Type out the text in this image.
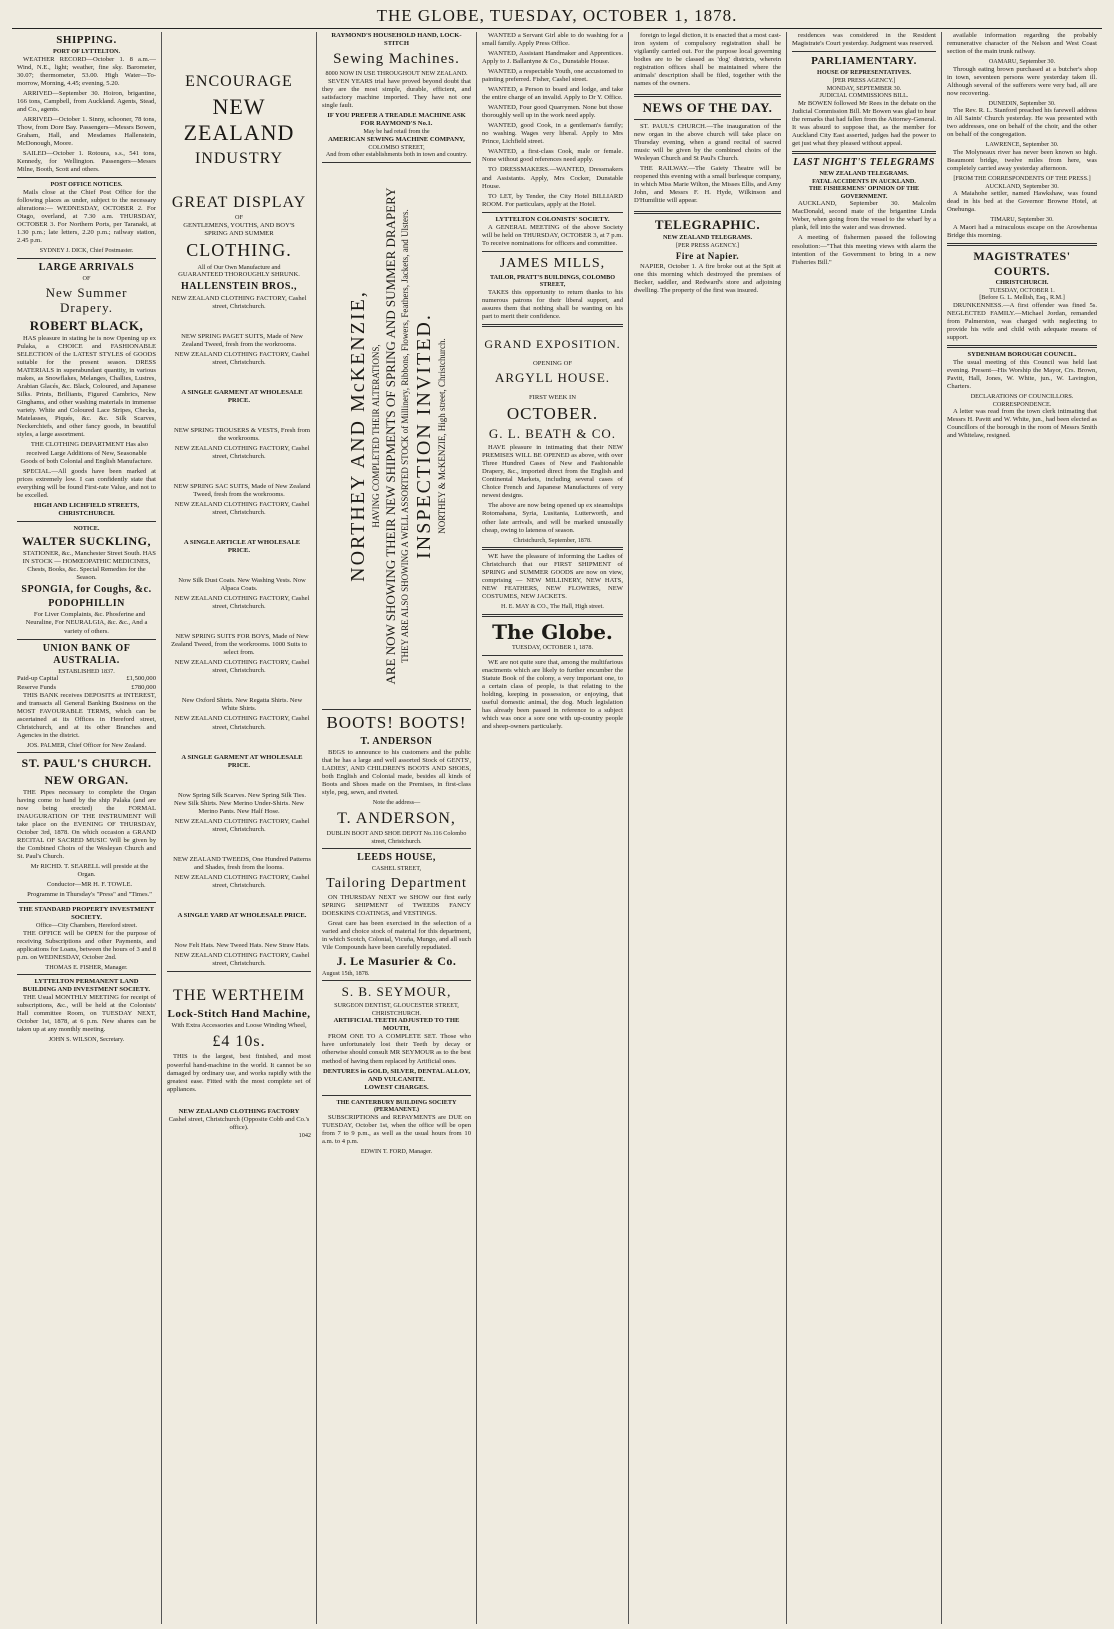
THE GLOBE, TUESDAY, OCTOBER 1, 1878.
SHIPPING.
PORT OF LYTTELTON.

WEATHER RECORD—October 1. 8 a.m.—Wind, N.E., light; weather, fine sky. Barometer, 30.07; thermometer, 53.00. High Water—To-morrow, Morning, 4.45; evening, 5.20.

ARRIVED—September 30. Hoiron, brigantine, 166 tons, Campbell, from Auckland. Agents, Stead, and Co., agents.

ARRIVED—October 1. Sinny, schooner, 78 tons, Thow, from Dore Bay. Passengers—Messrs Bowen, Graham, Hall, and Mesdames Hallenstein, McDonough, Moore.

SAILED—October 1. Rotoura, s.s., 541 tons, Kennedy, for Wellington. Passengers—Messrs Milne, Booth, Scott and others.

POST OFFICE NOTICES.

Mails close at the Chief Post Office for the following places as under, subject to the necessary alterations:— WEDNESDAY, OCTOBER 2. For Otago, overland, at 7.30 a.m. THURSDAY, OCTOBER 3. For Northern Ports, per Taranaki, at 1.30 p.m.; late letters, 2.20 p.m.; railway station, 2.45 p.m.

SYDNEY J. DICK, Chief Postmaster.
LARGE ARRIVALS
OF
New Summer Drapery.
ROBERT BLACK,

HAS pleasure in stating he is now Opening up ex Pulaka, a CHOICE and FASHIONABLE SELECTION of the LATEST STYLES of GOODS suitable for the present season. DRESS MATERIALS in superabundant quantity, in various makes, as Snowflakes, Melanges, Challies, Lustres, Arabian Glacés, &c. Black, Coloured, and Japanese Silks. Prints, Brilliants, Figured Cambrics, New Ginghams, and other washing materials in immense variety. White and Coloured Lace Stripes, Checks, Matelasses, Piqués, &c. &c. Silk Scarves, Neckerchiefs, and other fancy goods, in beautiful styles, a large assortment.

THE CLOTHING DEPARTMENT Has also received Large Additions of New, Seasonable Goods of both Colonial and English Manufacture.

SPECIAL.—All goods have been marked at prices extremely low. I can confidently state that everything will be found First-rate Value, and not to be excelled.

HIGH AND LICHFIELD STREETS, CHRISTCHURCH.
NOTICE.
WALTER SUCKLING,

STATIONER, &c., Manchester Street South. HAS IN STOCK — HOMŒOPATHIC MEDICINES, Chests, Books, &c. Special Remedies for the Season.

SPONGIA, for Coughs, &c.
PODOPHILLIN

For Liver Complaints, &c. Phosferine and Neuraline, For NEURALGIA, &c. &c., And a variety of others.

UNION BANK OF AUSTRALIA.
ESTABLISHED 1837.
Paid-up Capital	£1,500,000
Reserve Funds	£780,000

THIS BANK receives DEPOSITS at INTEREST, and transacts all General Banking Business on the MOST FAVOURABLE TERMS, which can be ascertained at its Offices in Hereford street, Christchurch, and at its other Branches and Agencies in the district.

JOS. PALMER, Chief Officer for New Zealand.
ST. PAUL'S CHURCH.
NEW ORGAN.

THE Pipes necessary to complete the Organ having come to hand by the ship Palaka (and are now being erected) the FORMAL INAUGURATION OF THE INSTRUMENT Will take place on the EVENING OF THURSDAY, October 3rd, 1878. On which occasion a GRAND RECITAL OF SACRED MUSIC Will be given by the Combined Choirs of the Wesleyan Church and St. Paul's Church.

Mr RICHD. T. SEARELL will preside at the Organ.

Conductor—MR H. F. TOWLE.

Programme in Thursday's "Press" and "Times."

THE STANDARD PROPERTY INVESTMENT SOCIETY.
Office—City Chambers, Hereford street.

THE OFFICE will be OPEN for the purpose of receiving Subscriptions and other Payments, and applications for Loans, between the hours of 3 and 8 p.m. on WEDNESDAY, October 2nd.

THOMAS E. FISHER, Manager.
LYTTELTON PERMANENT LAND BUILDING AND INVESTMENT SOCIETY.

THE Usual MONTHLY MEETING for receipt of subscriptions, &c., will be held at the Colonists' Hall committee Room, on TUESDAY NEXT, October 1st, 1878, at 6 p.m. New shares can be taken up at any monthly meeting.

JOHN S. WILSON, Secretary.
ENCOURAGE
NEW ZEALAND
INDUSTRY
GREAT DISPLAY
OF
GENTLEMENS, YOUTHS, AND BOY'S
SPRING AND SUMMER
CLOTHING.
All of Our Own Manufacture and
GUARANTEED THOROUGHLY SHRUNK.
HALLENSTEIN BROS.,
NEW ZEALAND CLOTHING FACTORY, Cashel street, Christchurch.

NEW SPRING PAGET SUITS, Made of New Zealand Tweed, fresh from the workrooms.

NEW ZEALAND CLOTHING FACTORY, Cashel street, Christchurch.

A SINGLE GARMENT AT WHOLESALE PRICE.

NEW SPRING TROUSERS & VESTS, Fresh from the workrooms.

NEW ZEALAND CLOTHING FACTORY, Cashel street, Christchurch.

NEW SPRING SAC SUITS, Made of New Zealand Tweed, fresh from the workrooms.

NEW ZEALAND CLOTHING FACTORY, Cashel street, Christchurch.

A SINGLE ARTICLE AT WHOLESALE PRICE.

Now Silk Dust Coats. New Washing Vests. Now Alpaca Coats.

NEW ZEALAND CLOTHING FACTORY, Cashel street, Christchurch.

NEW SPRING SUITS FOR BOYS, Made of New Zealand Tweed, from the workrooms. 1000 Suits to select from.

NEW ZEALAND CLOTHING FACTORY, Cashel street, Christchurch.

New Oxford Shirts. New Regatta Shirts. New White Shirts.

NEW ZEALAND CLOTHING FACTORY, Cashel street, Christchurch.

A SINGLE GARMENT AT WHOLESALE PRICE.

Now Spring Silk Scarves. New Spring Silk Ties. New Silk Shirts. New Merino Under-Shirts. New Merino Pants. New Half Hose.

NEW ZEALAND CLOTHING FACTORY, Cashel street, Christchurch.

NEW ZEALAND TWEEDS, One Hundred Patterns and Shades, fresh from the looms.

NEW ZEALAND CLOTHING FACTORY, Cashel street, Christchurch.

A SINGLE YARD AT WHOLESALE PRICE.

Now Felt Hats. New Tweed Hats. New Straw Hats.

NEW ZEALAND CLOTHING FACTORY, Cashel street, Christchurch.

THE WERTHEIM
Lock-Stitch Hand Machine,
With Extra Accessories and Loose Winding Wheel,
£4 10s.

THIS is the largest, best finished, and most powerful hand-machine in the world. It cannot be so damaged by ordinary use, and works rapidly with the greatest ease. Fitted with the most complete set of appliances.

NEW ZEALAND CLOTHING FACTORY
Cashel street, Christchurch (Opposite Cobb and Co.'s office).
1042
RAYMOND'S HOUSEHOLD HAND, LOCK-STITCH
Sewing Machines.
8000 NOW IN USE THROUGHOUT NEW ZEALAND.

SEVEN YEARS trial have proved beyond doubt that they are the most simple, durable, efficient, and satisfactory machine imported. They have not one single fault.

IF YOU PREFER A TREADLE MACHINE ASK FOR RAYMOND'S No.1.
May be had retail from the
AMERICAN SEWING MACHINE COMPANY,
COLOMBO STREET,
And from other establishments both in town and country.
NORTHEY AND McKENZIE, HAVING COMPLETED THEIR ALTERATIONS, ARE NOW SHOWING THEIR NEW SHIPMENTS OF SPRING AND SUMMER DRAPERY THEY ARE ALSO SHOWING A WELL ASSORTED STOCK of Millinery, Ribbons, Flowers, Feathers, Jackets, and Ulsters. INSPECTION INVITED. NORTHEY & McKENZIE, High street, Christchurch.
BOOTS! BOOTS!
T. ANDERSON

BEGS to announce to his customers and the public that he has a large and well assorted Stock of GENTS', LADIES', AND CHILDREN'S BOOTS AND SHOES, both English and Colonial made, besides all kinds of Boots and Shoes made on the Premises, in first-class style, peg, sewn, and riveted.

Note the address—
T. ANDERSON,
DUBLIN BOOT AND SHOE DEPOT No.116 Colombo street, Christchurch.
LEEDS HOUSE,
CASHEL STREET,
Tailoring Department

ON THURSDAY NEXT we SHOW our first early SPRING SHIPMENT of TWEEDS FANCY DOESKINS COATINGS, and VESTINGS.

Great care has been exercised in the selection of a varied and choice stock of material for this department, in which Scotch, Colonial, Vicuña, Mungo, and all such Vile Compounds have been carefully repudiated.

J. Le Masurier & Co.
August 15th, 1878.
S. B. SEYMOUR,
SURGEON DENTIST, GLOUCESTER STREET, CHRISTCHURCH.
ARTIFICIAL TEETH ADJUSTED TO THE MOUTH,

FROM ONE TO A COMPLETE SET. Those who have unfortunately lost their Teeth by decay or otherwise should consult MR SEYMOUR as to the best method of having them replaced by Artificial ones.

DENTURES in GOLD, SILVER, DENTAL ALLOY, AND VULCANITE.
LOWEST CHARGES.
THE CANTERBURY BUILDING SOCIETY (PERMANENT.)

SUBSCRIPTIONS and REPAYMENTS are DUE on TUESDAY, October 1st, when the office will be open from 7 to 9 p.m., as well as the usual hours from 10 a.m. to 4 p.m.

EDWIN T. FORD, Manager.

WANTED a Servant Girl able to do washing for a small family. Apply Press Office.

WANTED, Assistant Handmaker and Apprentices. Apply to J. Ballantyne & Co., Dunstable House.

WANTED, a respectable Youth, one accustomed to painting preferred. Fisher, Cashel street.

WANTED, a Person to board and lodge, and take the entire charge of an invalid. Apply to Dr Y. Office.

WANTED, Four good Quarrymen. None but those thoroughly well up in the work need apply.

WANTED, good Cook, in a gentleman's family; no washing. Wages very liberal. Apply to Mrs Prince, Lichfield street.

WANTED, a first-class Cook, male or female. None without good references need apply.

TO DRESSMAKERS.—WANTED, Dressmakers and Assistants. Apply, Mrs Cocker, Dunstable House.

TO LET, by Tender, the City Hotel BILLIARD ROOM. For particulars, apply at the Hotel.

LYTTELTON COLONISTS' SOCIETY.

A GENERAL MEETING of the above Society will be held on THURSDAY, OCTOBER 3, at 7 p.m. To receive nominations for officers and committee.

JAMES MILLS,
TAILOR, PRATT'S BUILDINGS, COLOMBO STREET,

TAKES this opportunity to return thanks to his numerous patrons for their liberal support, and assures them that nothing shall be wanting on his part to merit their confidence.

GRAND EXPOSITION.
OPENING OF
ARGYLL HOUSE.
FIRST WEEK IN
OCTOBER.
G. L. BEATH & CO.

HAVE pleasure in intimating that their NEW PREMISES WILL BE OPENED as above, with over Three Hundred Cases of New and Fashionable Drapery, &c., imported direct from the English and Continental Markets, including several cases of Choice French and Japanese Manufactures of very newest designs.

The above are now being opened up ex steamships Rotomahana, Syria, Lusitania, Lutterworth, and other late arrivals, and will be marked unusually cheap, owing to lateness of season.

Christchurch, September, 1878.

WE have the pleasure of informing the Ladies of Christchurch that our FIRST SHIPMENT of SPRING and SUMMER GOODS are now on view, comprising — NEW MILLINERY, NEW HATS, NEW FEATHERS, NEW FLOWERS, NEW COSTUMES, NEW JACKETS.

H. E. MAY & CO., The Hall, High street.
The Globe.
TUESDAY, OCTOBER 1, 1878.

WE are not quite sure that, among the multifarious enactments which are likely to further encumber the Statute Book of the colony, a very important one, to a certain class of people, is that relating to the holding, keeping in possession, or enjoying, that useful domestic animal, the dog. Much legislation has already been passed in reference to a subject which was once a sore one with up-country people and sheep-owners particularly.

foreign to legal diction, it is enacted that a most cast-iron system of compulsory registration shall be vigilantly carried out. For the purpose local governing bodies are to be classed as 'dog' districts, wherein registration offices shall be maintained where the animals' description shall be filed, together with the names of the owners.

NEWS OF THE DAY.

ST. PAUL'S CHURCH.—The inauguration of the new organ in the above church will take place on Thursday evening, when a grand recital of sacred music will be given by the combined choirs of the Wesleyan Church and St Paul's Church.

THE RAILWAY.—The Gaiety Theatre will be reopened this evening with a small burlesque company, in which Miss Marie Wilton, the Misses Ellis, and Amy John, and Messrs F. H. Hyde, Wilkinson and D'Humilitie will appear.

TELEGRAPHIC.
NEW ZEALAND TELEGRAMS.
[PER PRESS AGENCY.]
Fire at Napier.

NAPIER, October 1. A fire broke out at the Spit at one this morning which destroyed the premises of Becker, saddler, and Redward's store and adjoining dwelling. The property of the first was insured.

residences was considered in the Resident Magistrate's Court yesterday. Judgment was reserved.

PARLIAMENTARY.
HOUSE OF REPRESENTATIVES.
[PER PRESS AGENCY.]
MONDAY, SEPTEMBER 30.
JUDICIAL COMMISSIONS BILL.

Mr BOWEN followed Mr Rees in the debate on the Judicial Commission Bill. Mr Bowen was glad to hear the remarks that had fallen from the Attorney-General. It was absurd to suppose that, as the member for Auckland City East asserted, judges had the power to get just what they pleased without appeal.

LAST NIGHT'S TELEGRAMS
NEW ZEALAND TELEGRAMS.
FATAL ACCIDENTS IN AUCKLAND.
THE FISHERMENS' OPINION OF THE GOVERNMENT.

AUCKLAND, September 30. Malcolm MacDonald, second mate of the brigantine Linda Weber, when going from the vessel to the wharf by a plank, fell into the water and was drowned.

A meeting of fishermen passed the following resolution:—"That this meeting views with alarm the intention of the Government to bring in a new Fisheries Bill."

available information regarding the probably remunerative character of the Nelson and West Coast section of the main trunk railway.

OAMARU, September 30.

Through eating brown purchased at a butcher's shop in town, seventeen persons were yesterday taken ill. Although several of the sufferers were very bad, all are now recovering.

DUNEDIN, September 30.

The Rev. R. L. Stanford preached his farewell address in All Saints' Church yesterday. He was presented with two addresses, one on behalf of the choir, and the other on behalf of the congregation.

LAWRENCE, September 30.

The Molyneaux river has never been known so high. Beaumont bridge, twelve miles from here, was completely carried away yesterday afternoon.

[FROM THE CORRESPONDENTS OF THE PRESS.] AUCKLAND, September 30.

A Maiahohe settler, named Hawkshaw, was found dead in his bed at the Governor Browne Hotel, at Onehunga.

TIMARU, September 30.

A Maori had a miraculous escape on the Arowhenua Bridge this morning.

MAGISTRATES' COURTS.
CHRISTCHURCH.
TUESDAY, OCTOBER 1.
[Before G. L. Mellish, Esq., R.M.]

DRUNKENNESS.—A first offender was fined 5s. NEGLECTED FAMILY.—Michael Jordan, remanded from Palmerston, was charged with neglecting to provide his wife and child with adequate means of support.

SYDENHAM BOROUGH COUNCIL.

The usual meeting of this Council was held last evening. Present—His Worship the Mayor, Crs. Brown, Pavitt, Hall, Jones, W. White, jun., W. Lavington, Charters.

DECLARATIONS OF COUNCILLORS.
CORRESPONDENCE.

A letter was read from the town clerk intimating that Messrs H. Pavitt and W. White, jun., had been elected as Councillors of the borough in the room of Messrs Smith and Whitelaw, resigned.
